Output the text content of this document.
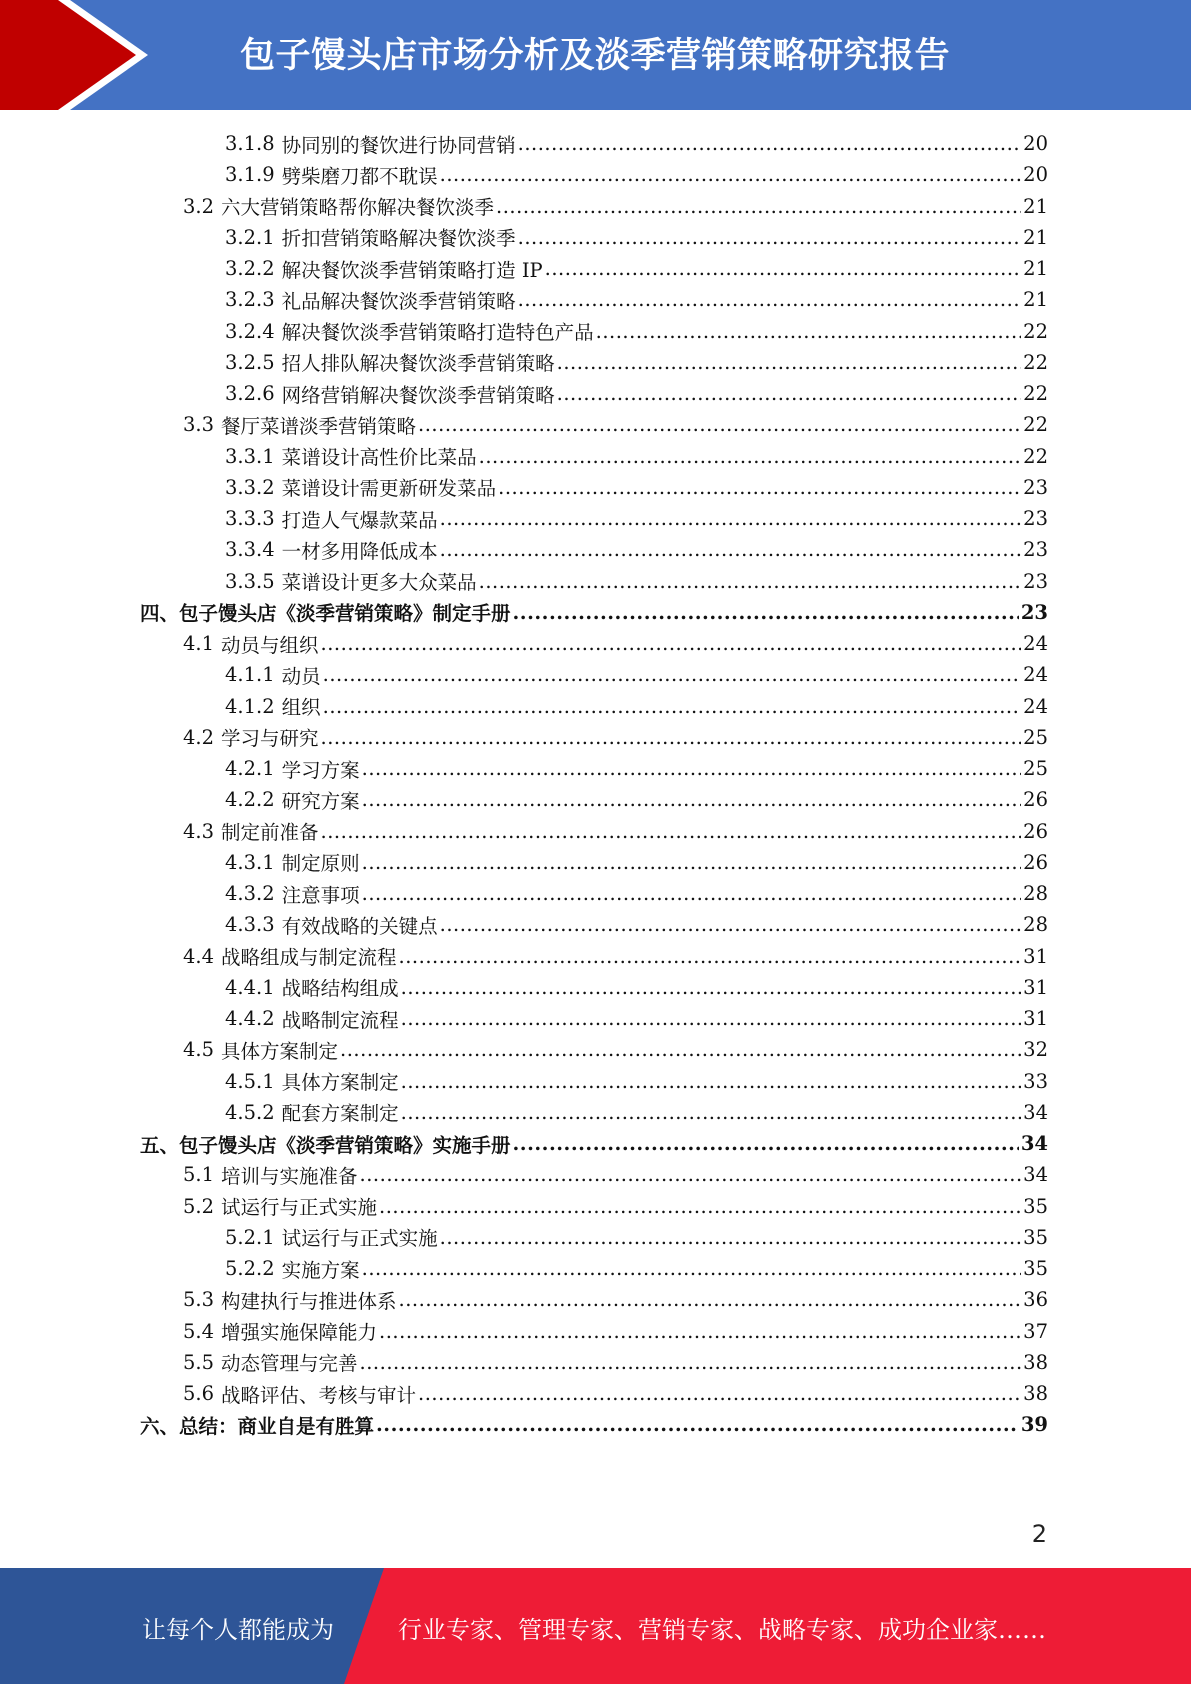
包子馒头店市场分析及淡季营销策略研究报告
3.1.8 协同别的餐饮进行协同营销 .....	20
3.1.9 劈柴磨刀都不耽误 .....	20
3.2 六大营销策略帮你解决餐饮淡季 .....	21
3.2.1 折扣营销策略解决餐饮淡季 .....	21
3.2.2 解决餐饮淡季营销策略打造 IP .....	21
3.2.3 礼品解决餐饮淡季营销策略 .....	21
3.2.4 解决餐饮淡季营销策略打造特色产品 .....	22
3.2.5 招人排队解决餐饮淡季营销策略 .....	22
3.2.6 网络营销解决餐饮淡季营销策略 .....	22
3.3 餐厅菜谱淡季营销策略 .....	22
3.3.1 菜谱设计高性价比菜品 .....	22
3.3.2 菜谱设计需更新研发菜品 .....	23
3.3.3 打造人气爆款菜品 .....	23
3.3.4 一材多用降低成本 .....	23
3.3.5 菜谱设计更多大众菜品 .....	23
四、包子馒头店《淡季营销策略》制定手册 .....	23
4.1 动员与组织 .....	24
4.1.1 动员 .....	24
4.1.2 组织 .....	24
4.2 学习与研究 .....	25
4.2.1 学习方案 .....	25
4.2.2 研究方案 .....	26
4.3 制定前准备 .....	26
4.3.1 制定原则 .....	26
4.3.2 注意事项 .....	28
4.3.3 有效战略的关键点 .....	28
4.4 战略组成与制定流程 .....	31
4.4.1 战略结构组成 .....	31
4.4.2 战略制定流程 .....	31
4.5 具体方案制定 .....	32
4.5.1 具体方案制定 .....	33
4.5.2 配套方案制定 .....	34
五、包子馒头店《淡季营销策略》实施手册 .....	34
5.1 培训与实施准备 .....	34
5.2 试运行与正式实施 .....	35
5.2.1 试运行与正式实施 .....	35
5.2.2 实施方案 .....	35
5.3 构建执行与推进体系 .....	36
5.4 增强实施保障能力 .....	37
5.5 动态管理与完善 .....	38
5.6 战略评估、考核与审计 .....	38
六、总结：商业自是有胜算 .....	39
2
让每个人都能成为	行业专家、管理专家、营销专家、战略专家、成功企业家……
